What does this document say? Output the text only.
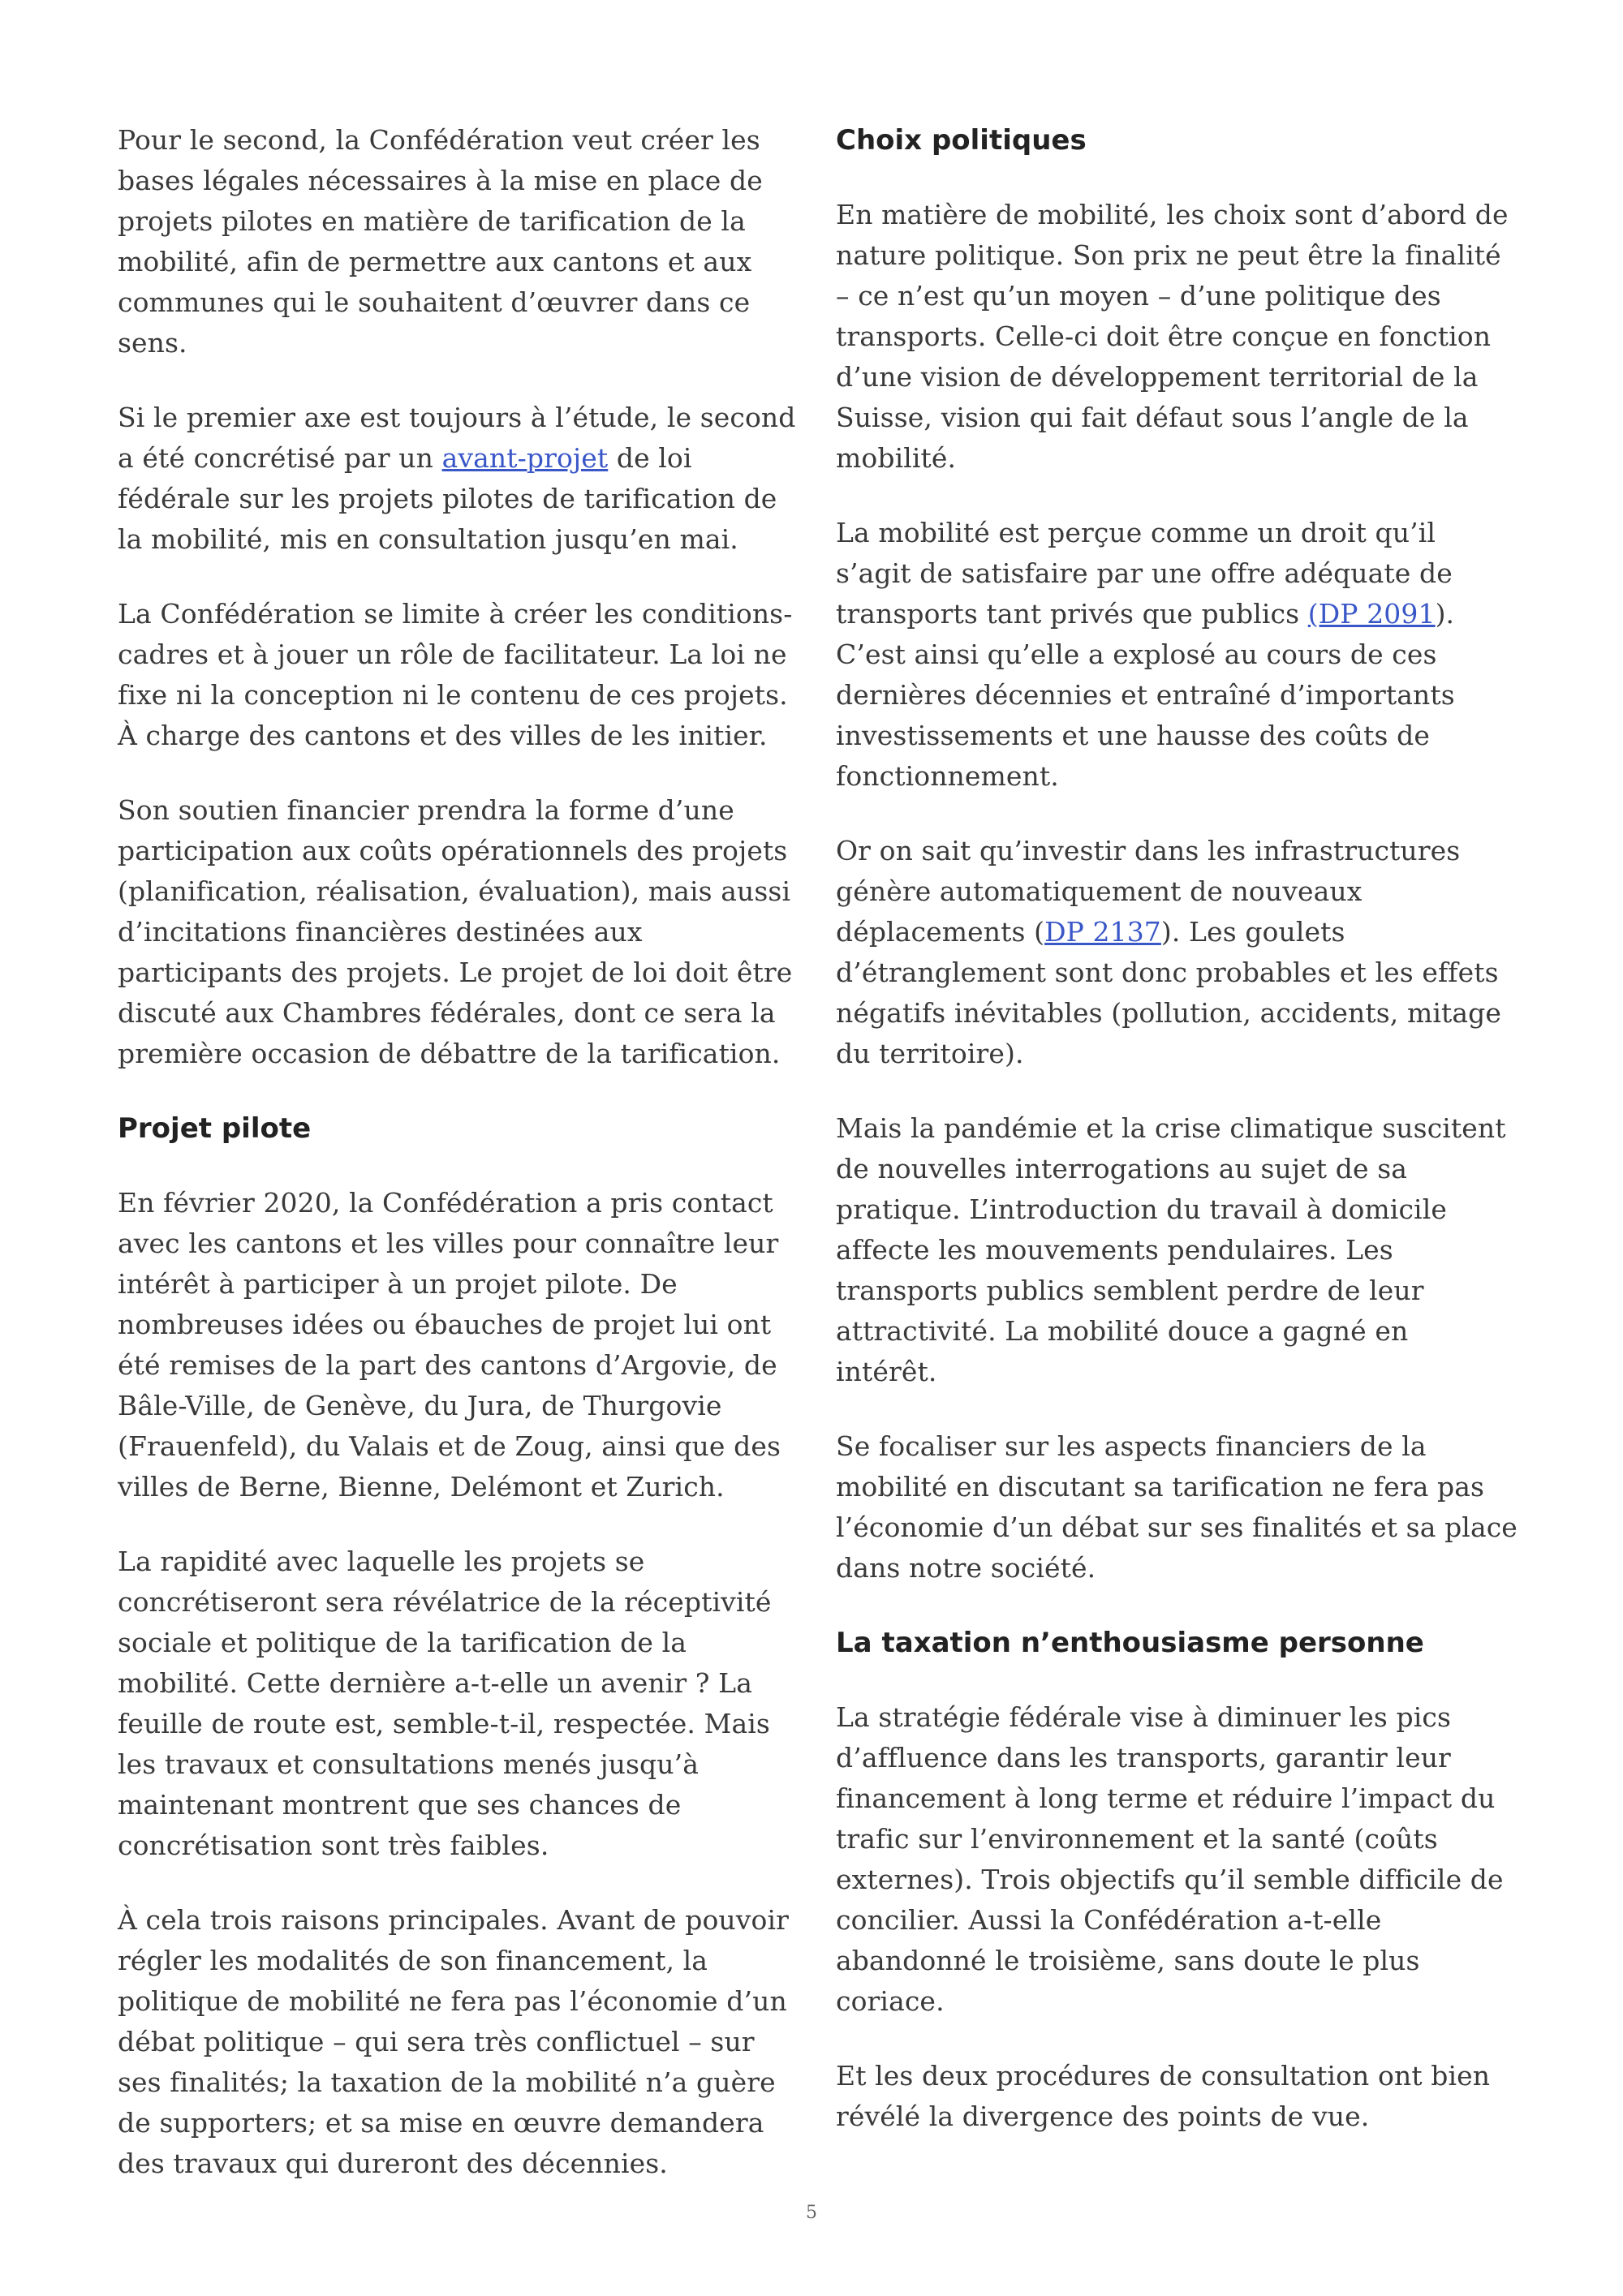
Pour le second, la Confédération veut créer les bases légales nécessaires à la mise en place de projets pilotes en matière de tarification de la mobilité, afin de permettre aux cantons et aux communes qui le souhaitent d’œuvrer dans ce sens.

Si le premier axe est toujours à l’étude, le second a été concrétisé par un avant-projet de loi fédérale sur les projets pilotes de tarification de la mobilité, mis en consultation jusqu’en mai.

La Confédération se limite à créer les conditions-cadres et à jouer un rôle de facilitateur. La loi ne fixe ni la conception ni le contenu de ces projets. À charge des cantons et des villes de les initier.

Son soutien financier prendra la forme d’une participation aux coûts opérationnels des projets (planification, réalisation, évaluation), mais aussi d’incitations financières destinées aux participants des projets. Le projet de loi doit être discuté aux Chambres fédérales, dont ce sera la première occasion de débattre de la tarification.

Projet pilote

En février 2020, la Confédération a pris contact avec les cantons et les villes pour connaître leur intérêt à participer à un projet pilote. De nombreuses idées ou ébauches de projet lui ont été remises de la part des cantons d’Argovie, de Bâle-Ville, de Genève, du Jura, de Thurgovie (Frauenfeld), du Valais et de Zoug, ainsi que des villes de Berne, Bienne, Delémont et Zurich.

La rapidité avec laquelle les projets se concrétiseront sera révélatrice de la réceptivité sociale et politique de la tarification de la mobilité. Cette dernière a-t-elle un avenir ? La feuille de route est, semble-t-il, respectée. Mais les travaux et consultations menés jusqu’à maintenant montrent que ses chances de concrétisation sont très faibles.

À cela trois raisons principales. Avant de pouvoir régler les modalités de son financement, la politique de mobilité ne fera pas l’économie d’un débat politique – qui sera très conflictuel – sur ses finalités; la taxation de la mobilité n’a guère de supporters; et sa mise en œuvre demandera des travaux qui dureront des décennies.

Choix politiques

En matière de mobilité, les choix sont d’abord de nature politique. Son prix ne peut être la finalité – ce n’est qu’un moyen – d’une politique des transports. Celle-ci doit être conçue en fonction d’une vision de développement territorial de la Suisse, vision qui fait défaut sous l’angle de la mobilité.

La mobilité est perçue comme un droit qu’il s’agit de satisfaire par une offre adéquate de transports tant privés que publics (DP 2091). C’est ainsi qu’elle a explosé au cours de ces dernières décennies et entraîné d’importants investissements et une hausse des coûts de fonctionnement.

Or on sait qu’investir dans les infrastructures génère automatiquement de nouveaux déplacements (DP 2137). Les goulets d’étranglement sont donc probables et les effets négatifs inévitables (pollution, accidents, mitage du territoire).

Mais la pandémie et la crise climatique suscitent de nouvelles interrogations au sujet de sa pratique. L’introduction du travail à domicile affecte les mouvements pendulaires. Les transports publics semblent perdre de leur attractivité. La mobilité douce a gagné en intérêt.

Se focaliser sur les aspects financiers de la mobilité en discutant sa tarification ne fera pas l’économie d’un débat sur ses finalités et sa place dans notre société.

La taxation n’enthousiasme personne

La stratégie fédérale vise à diminuer les pics d’affluence dans les transports, garantir leur financement à long terme et réduire l’impact du trafic sur l’environnement et la santé (coûts externes). Trois objectifs qu’il semble difficile de concilier. Aussi la Confédération a-t-elle abandonné le troisième, sans doute le plus coriace.

Et les deux procédures de consultation ont bien révélé la divergence des points de vue.

5
